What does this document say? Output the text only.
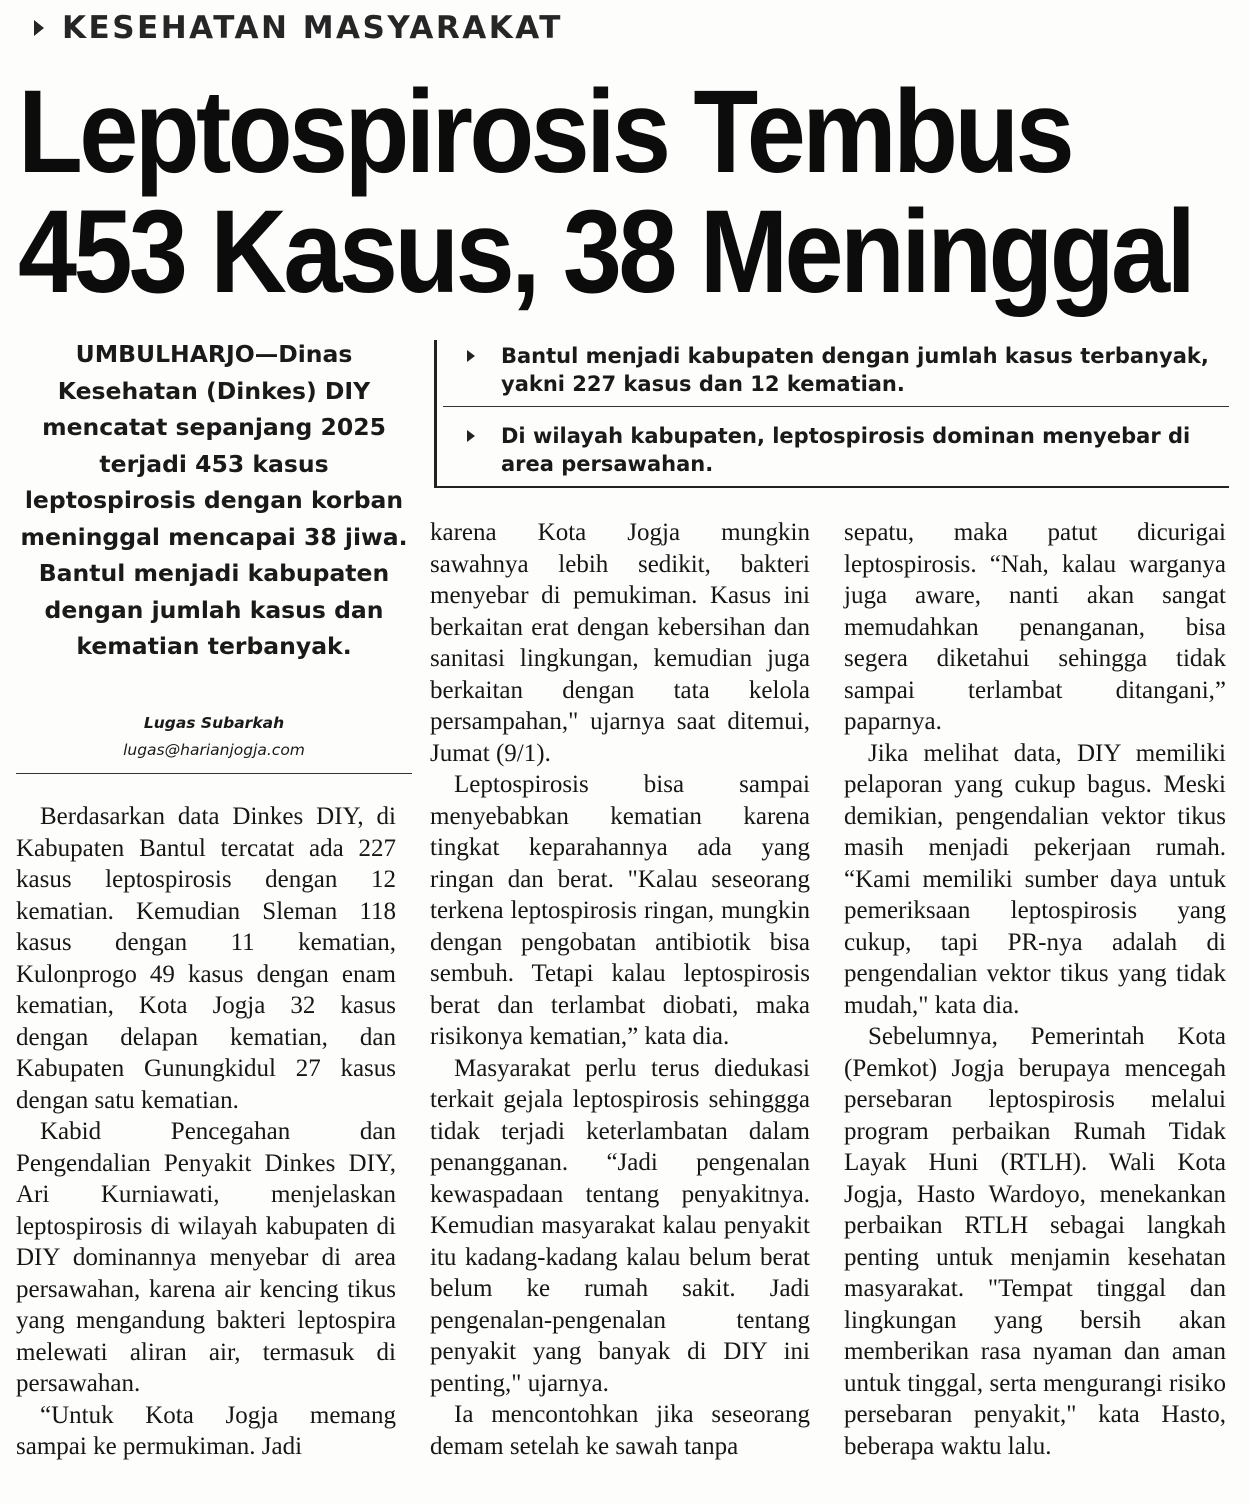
KESEHATAN MASYARAKAT
Leptospirosis Tembus
453 Kasus, 38 Meninggal
UMBULHARJO—Dinas Kesehatan (Dinkes) DIY mencatat sepanjang 2025 terjadi 453 kasus leptospirosis dengan korban meninggal mencapai 38 jiwa. Bantul menjadi kabupaten dengan jumlah kasus dan kematian terbanyak.
Lugas Subarkah
lugas@harianjogja.com
Bantul menjadi kabupaten dengan jumlah kasus terbanyak, yakni 227 kasus dan 12 kematian.
Di wilayah kabupaten, leptospirosis dominan menyebar di area persawahan.

Berdasarkan data Dinkes DIY, di Kabupaten Bantul tercatat ada 227 kasus leptospirosis dengan 12 kematian. Kemudian Sleman 118 kasus dengan 11 kematian, Kulonprogo 49 kasus dengan enam kematian, Kota Jogja 32 kasus dengan delapan kematian, dan Kabupaten Gunungkidul 27 kasus dengan satu kematian.

Kabid Pencegahan dan Pengendalian Penyakit Dinkes DIY, Ari Kurniawati, menjelaskan leptospirosis di wilayah kabupaten di DIY dominannya menyebar di area persawahan, karena air kencing tikus yang mengandung bakteri leptospira melewati aliran air, termasuk di persawahan.

“Untuk Kota Jogja memang sampai ke permukiman. Jadi

karena Kota Jogja mungkin sawahnya lebih sedikit, bakteri menyebar di pemukiman. Kasus ini berkaitan erat dengan kebersihan dan sanitasi lingkungan, kemudian juga berkaitan dengan tata kelola persampahan," ujarnya saat ditemui, Jumat (9/1).

Leptospirosis bisa sampai menyebabkan kematian karena tingkat keparahannya ada yang ringan dan berat. "Kalau seseorang terkena leptospirosis ringan, mungkin dengan pengobatan antibiotik bisa sembuh. Tetapi kalau leptospirosis berat dan terlambat diobati, maka risikonya kematian,” kata dia.

Masyarakat perlu terus diedukasi terkait gejala leptospirosis sehinggga tidak terjadi keterlambatan dalam penangganan. “Jadi pengenalan kewaspadaan tentang penyakitnya. Kemudian masyarakat kalau penyakit itu kadang-kadang kalau belum berat belum ke rumah sakit. Jadi pengenalan-pengenalan tentang penyakit yang banyak di DIY ini penting," ujarnya.

Ia mencontohkan jika seseorang demam setelah ke sawah tanpa

sepatu, maka patut dicurigai leptospirosis. “Nah, kalau warganya juga aware, nanti akan sangat memudahkan penanganan, bisa segera diketahui sehingga tidak sampai terlambat ditangani,” paparnya.

Jika melihat data, DIY memiliki pelaporan yang cukup bagus. Meski demikian, pengendalian vektor tikus masih menjadi pekerjaan rumah. “Kami memiliki sumber daya untuk pemeriksaan leptospirosis yang cukup, tapi PR-nya adalah di pengendalian vektor tikus yang tidak mudah," kata dia.

Sebelumnya, Pemerintah Kota (Pemkot) Jogja berupaya mencegah persebaran leptospirosis melalui program perbaikan Rumah Tidak Layak Huni (RTLH). Wali Kota Jogja, Hasto Wardoyo, menekankan perbaikan RTLH sebagai langkah penting untuk menjamin kesehatan masyarakat. "Tempat tinggal dan lingkungan yang bersih akan memberikan rasa nyaman dan aman untuk tinggal, serta mengurangi risiko persebaran penyakit," kata Hasto, beberapa waktu lalu.
